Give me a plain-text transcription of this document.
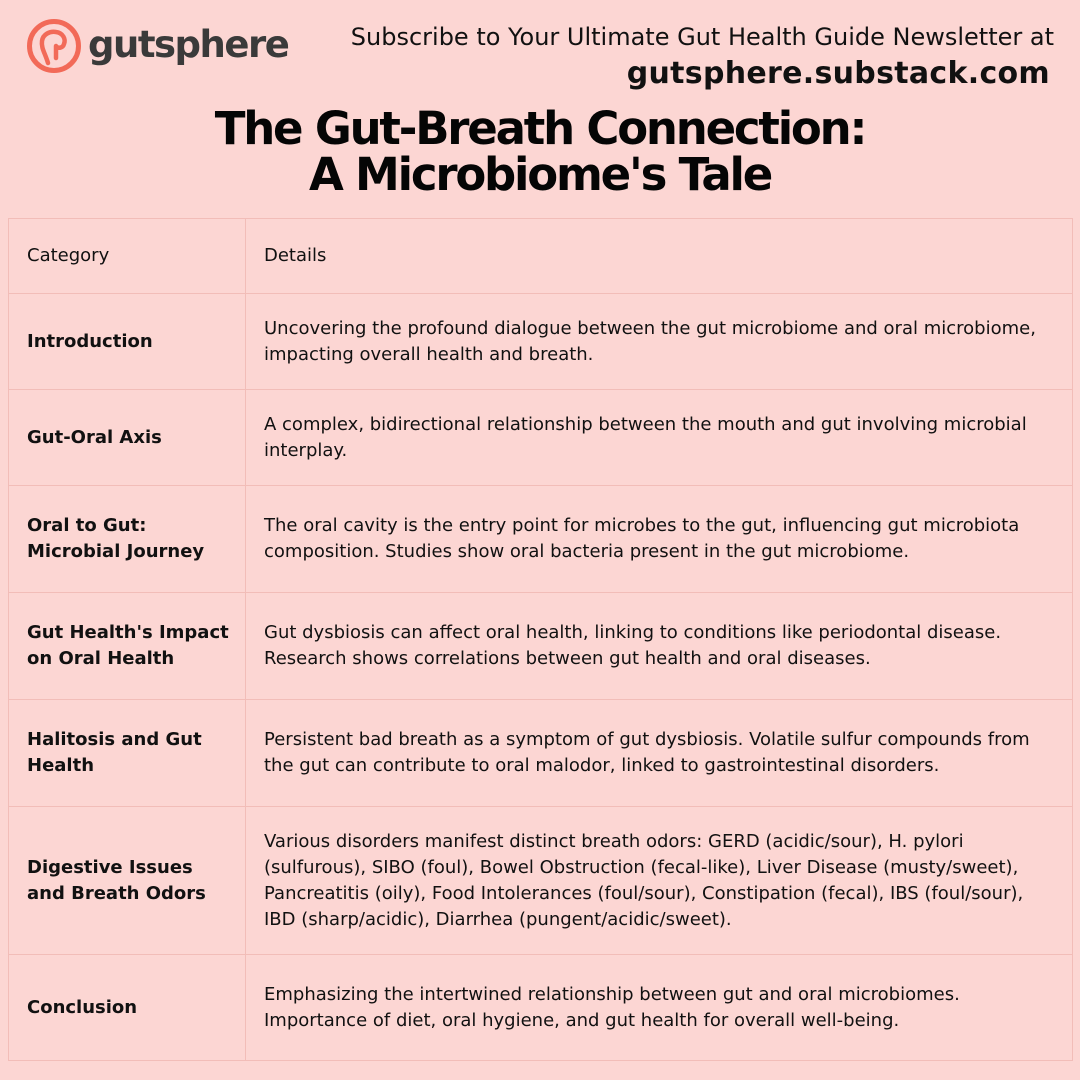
gutsphere	Subscribe to Your Ultimate Gut Health Guide Newsletter at
gutsphere.substack.com
The Gut-Breath Connection:
A Microbiome's Tale
Category	Details
Introduction	Uncovering the profound dialogue between the gut microbiome and oral microbiome, impacting overall health and breath.
Gut-Oral Axis	A complex, bidirectional relationship between the mouth and gut involving microbial interplay.
Oral to Gut: Microbial Journey	The oral cavity is the entry point for microbes to the gut, influencing gut microbiota composition. Studies show oral bacteria present in the gut microbiome.
Gut Health's Impact on Oral Health	Gut dysbiosis can affect oral health, linking to conditions like periodontal disease. Research shows correlations between gut health and oral diseases.
Halitosis and Gut Health	Persistent bad breath as a symptom of gut dysbiosis. Volatile sulfur compounds from the gut can contribute to oral malodor, linked to gastrointestinal disorders.
Digestive Issues and Breath Odors	Various disorders manifest distinct breath odors: GERD (acidic/sour), H. pylori (sulfurous), SIBO (foul), Bowel Obstruction (fecal-like), Liver Disease (musty/sweet), Pancreatitis (oily), Food Intolerances (foul/sour), Constipation (fecal), IBS (foul/sour), IBD (sharp/acidic), Diarrhea (pungent/acidic/sweet).
Conclusion	Emphasizing the intertwined relationship between gut and oral microbiomes. Importance of diet, oral hygiene, and gut health for overall well-being.
